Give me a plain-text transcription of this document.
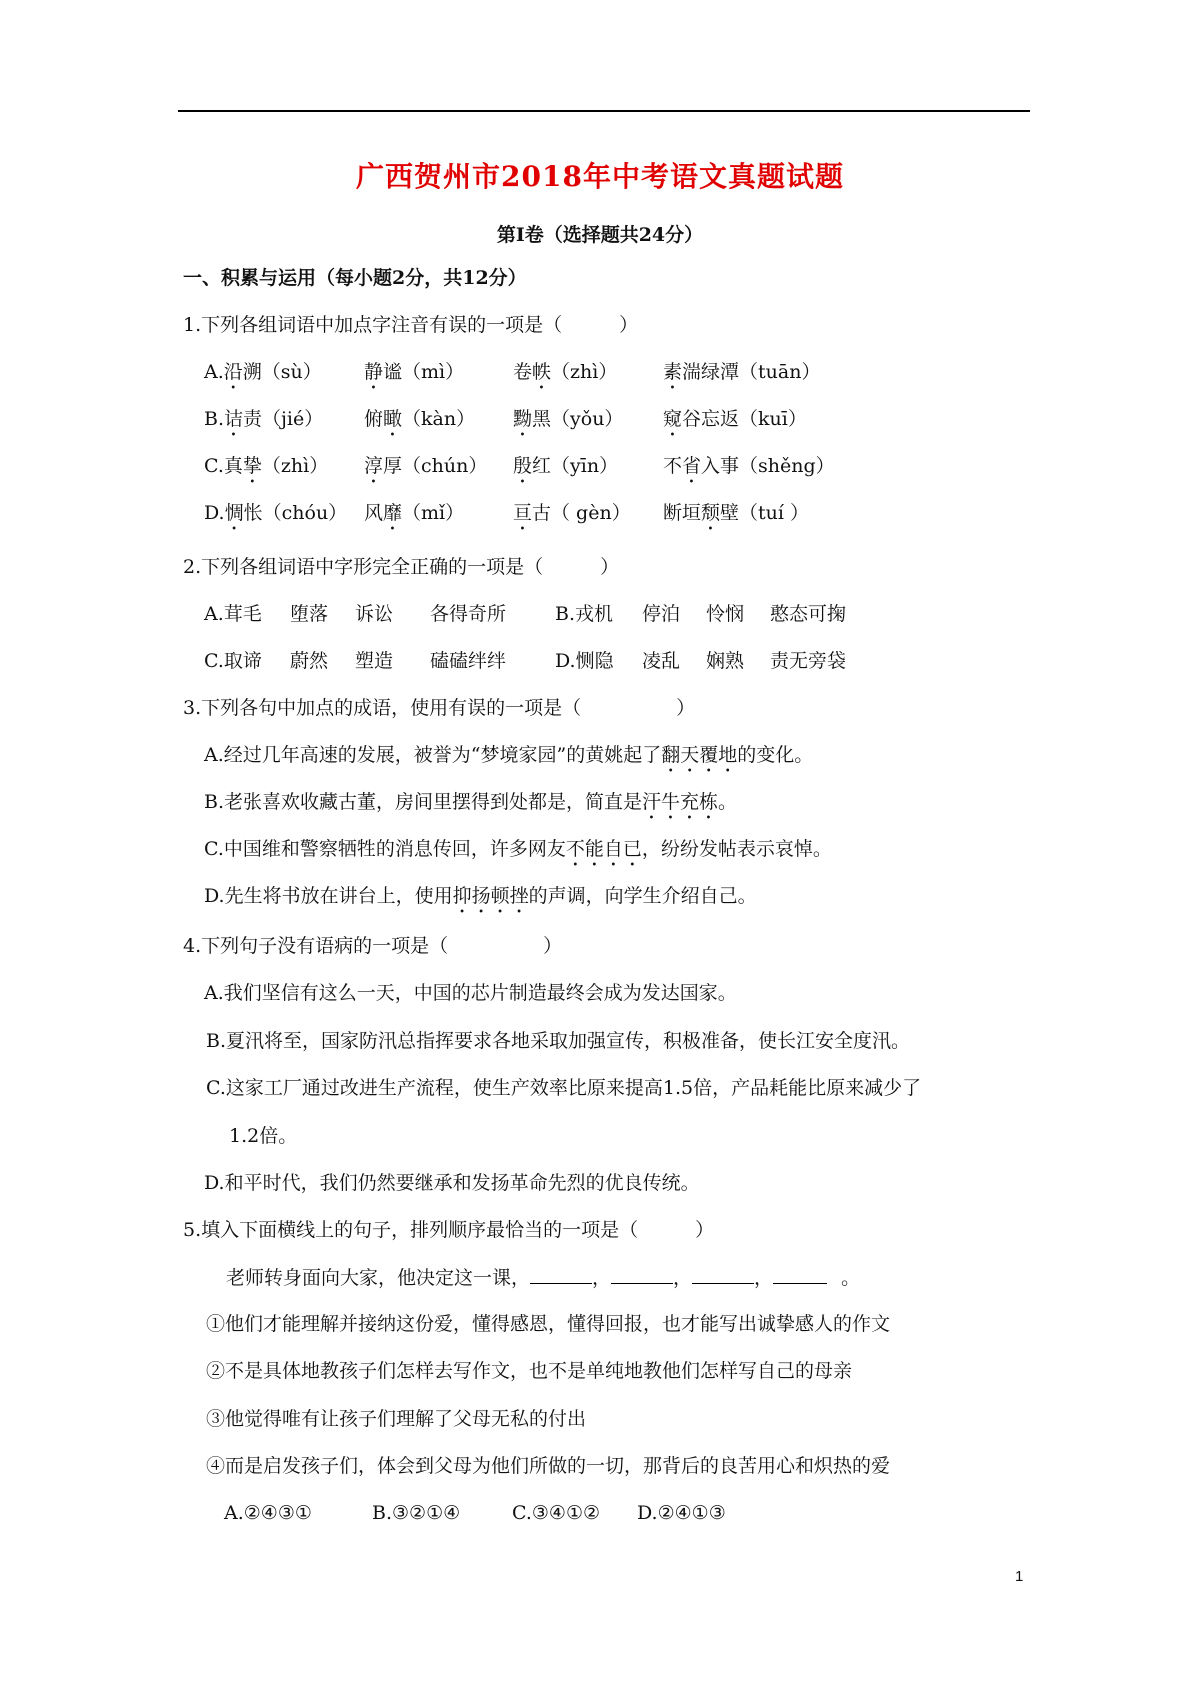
广西贺州市2018年中考语文真题试题
第Ⅰ卷（选择题共24分）
一、积累与运用（每小题2分，共12分）
1.下列各组词语中加点字注音有误的一项是（　　　）
A.沿溯（sù） 静谧（mì）	卷帙（zhì） 素湍绿潭（tuān）
B.诘责（jié） 俯瞰（kàn） 黝黑（yǒu） 窥谷忘返（kuī）
C.真挚（zhì） 淳厚（chún） 殷红（yīn） 不省入事（shěng）
D.惆怅（chóu） 风靡（mǐ）	亘古（ gèn） 断垣颓壁（tuí ）
2.下列各组词语中字形完全正确的一项是（　　　）
A.茸毛 堕落 诉讼 各得奇所	B.戎机 停泊 怜悯 憨态可掬
C.取谛 蔚然 塑造 磕磕绊绊	D.恻隐 凌乱 娴熟 责无旁袋
3.下列各句中加点的成语，使用有误的一项是（　　　　　）
A.经过几年高速的发展，被誉为“梦境家园”的黄姚起了翻天覆地的变化。
B.老张喜欢收藏古董，房间里摆得到处都是，简直是汗牛充栋。
C.中国维和警察牺牲的消息传回，许多网友不能自已，纷纷发帖表示哀悼。
D.先生将书放在讲台上，使用抑扬顿挫的声调，向学生介绍自己。
4.下列句子没有语病的一项是（　　　　　）
A.我们坚信有这么一天，中国的芯片制造最终会成为发达国家。
B.夏汛将至，国家防汛总指挥要求各地采取加强宣传，积极准备，使长江安全度汛。
C.这家工厂通过改进生产流程，使生产效率比原来提高1.5倍，产品耗能比原来减少了
1.2倍。
D.和平时代，我们仍然要继承和发扬革命先烈的优良传统。
5.填入下面横线上的句子，排列顺序最恰当的一项是（　　　）
老师转身面向大家，他决定这一课，	，	，	，	。
①他们才能理解并接纳这份爱，懂得感恩，懂得回报，也才能写出诚挚感人的作文
②不是具体地教孩子们怎样去写作文，也不是单纯地教他们怎样写自己的母亲
③他觉得唯有让孩子们理解了父母无私的付出
④而是启发孩子们，体会到父母为他们所做的一切，那背后的良苦用心和炽热的爱
A.②④③①	B.③②①④	C.③④①② D.②④①③
1
